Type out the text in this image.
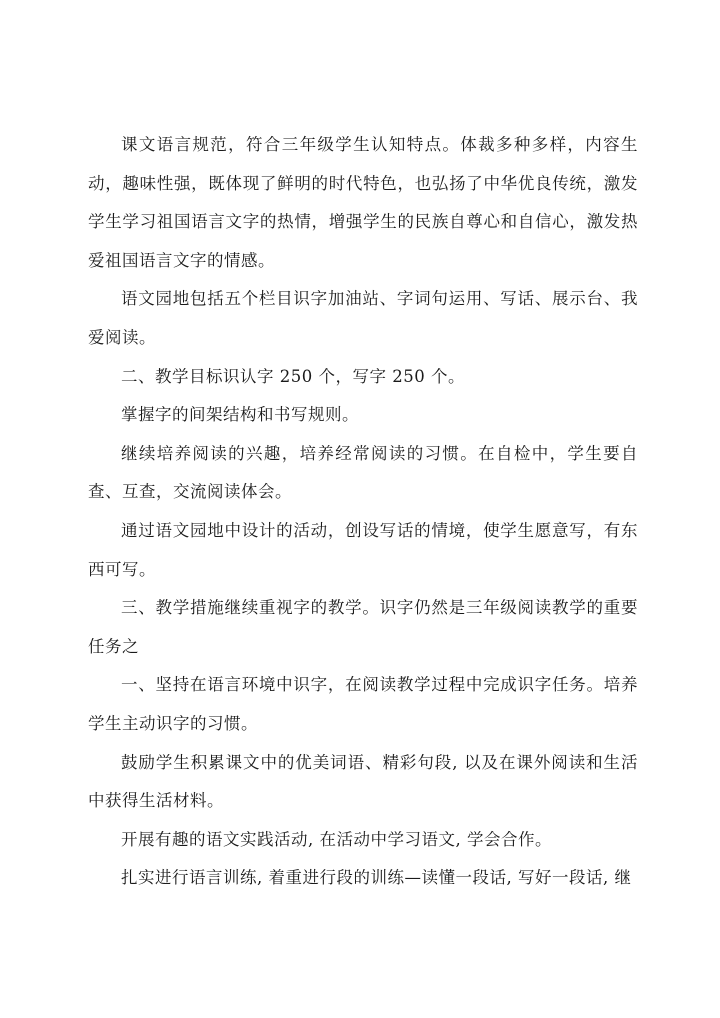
课文语言规范，符合三年级学生认知特点。体裁多种多样，内容生动，趣味性强，既体现了鲜明的时代特色，也弘扬了中华优良传统，激发学生学习祖国语言文字的热情，增强学生的民族自尊心和自信心，激发热爱祖国语言文字的情感。

语文园地包括五个栏目识字加油站、字词句运用、写话、展示台、我爱阅读。

二、教学目标识认字 250 个，写字 250 个。

掌握字的间架结构和书写规则。

继续培养阅读的兴趣，培养经常阅读的习惯。在自检中，学生要自查、互查，交流阅读体会。

通过语文园地中设计的活动，创设写话的情境，使学生愿意写，有东西可写。

三、教学措施继续重视字的教学。识字仍然是三年级阅读教学的重要任务之

一、坚持在语言环境中识字，在阅读教学过程中完成识字任务。培养学生主动识字的习惯。

鼓励学生积累课文中的优美词语、精彩句段, 以及在课外阅读和生活中获得生活材料。

开展有趣的语文实践活动, 在活动中学习语文, 学会合作。

扎实进行语言训练, 着重进行段的训练—读懂一段话, 写好一段话, 继
